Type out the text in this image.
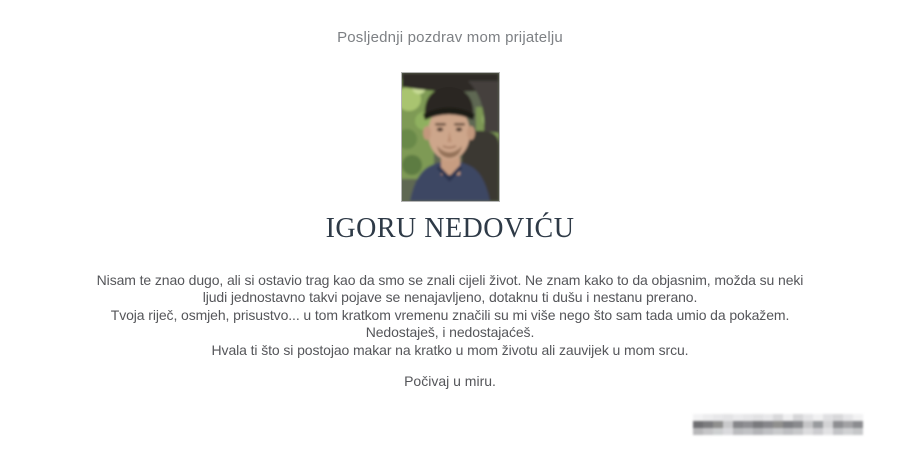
Posljednji pozdrav mom prijatelju
IGORU NEDOVIĆU
Nisam te znao dugo, ali si ostavio trag kao da smo se znali cijeli život. Ne znam kako to da objasnim, možda su neki
ljudi jednostavno takvi pojave se nenajavljeno, dotaknu ti dušu i nestanu prerano.
Tvoja riječ, osmjeh, prisustvo... u tom kratkom vremenu značili su mi više nego što sam tada umio da pokažem.
Nedostaješ, i nedostajaćeš.
Hvala ti što si postojao makar na kratko u mom životu ali zauvijek u mom srcu.
Počivaj u miru.
